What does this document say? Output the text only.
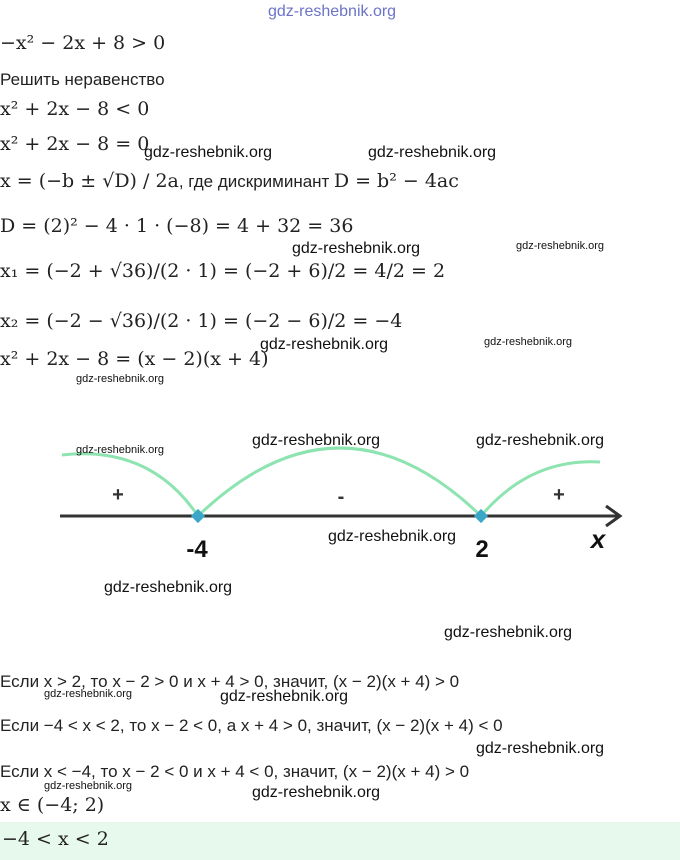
gdz-reshebnik.org
−x² − 2x + 8 > 0
Решить неравенство
x² + 2x − 8 < 0
x² + 2x − 8 = 0
x = (−b ± √D) / 2a, где дискриминант D = b² − 4ac
D = (2)² − 4 · 1 · (−8) = 4 + 32 = 36
x₁ = (−2 + √36)/(2 · 1) = (−2 + 6)/2 = 4/2 = 2
x₂ = (−2 − √36)/(2 · 1) = (−2 − 6)/2 = −4
x² + 2x − 8 = (x − 2)(x + 4)
+	-	+
-4	2	x
Если x > 2, то x − 2 > 0 и x + 4 > 0, значит, (x − 2)(x + 4) > 0
Если −4 < x < 2, то x − 2 < 0, а x + 4 > 0, значит, (x − 2)(x + 4) < 0
Если x < −4, то x − 2 < 0 и x + 4 < 0, значит, (x − 2)(x + 4) > 0
x ∈ (−4; 2)
−4 < x < 2
gdz-reshebnik.org	gdz-reshebnik.org
gdz-reshebnik.org	gdz-reshebnik.org
gdz-reshebnik.org	gdz-reshebnik.org
gdz-reshebnik.org
gdz-reshebnik.org
gdz-reshebnik.org	gdz-reshebnik.org
gdz-reshebnik.org
gdz-reshebnik.org
gdz-reshebnik.org
gdz-reshebnik.org	gdz-reshebnik.org
gdz-reshebnik.org
gdz-reshebnik.org	gdz-reshebnik.org
